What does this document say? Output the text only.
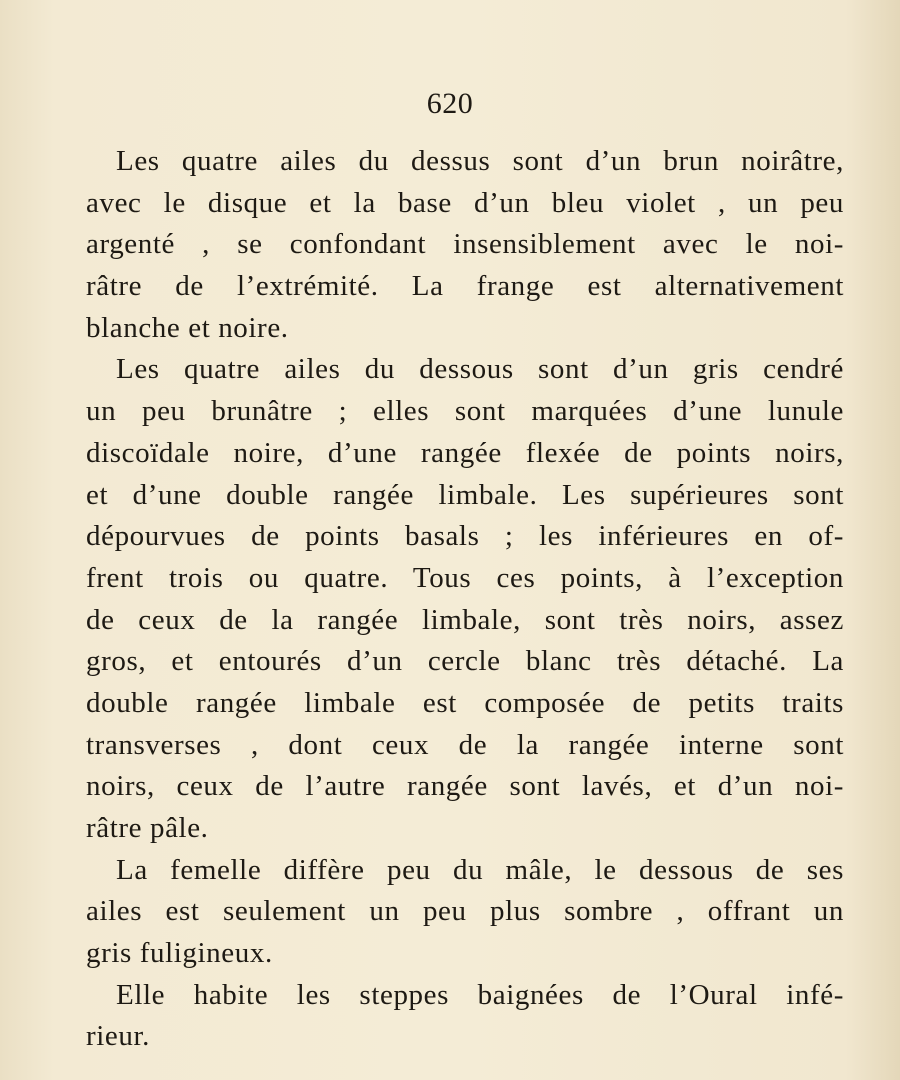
620
Les quatre ailes du dessus sont d’un brun noirâtre,
avec le disque et la base d’un bleu violet , un peu
argenté , se confondant insensiblement avec le noi-
râtre de l’extrémité. La frange est alternativement
blanche et noire.
Les quatre ailes du dessous sont d’un gris cendré
un peu brunâtre ; elles sont marquées d’une lunule
discoïdale noire, d’une rangée flexée de points noirs,
et d’une double rangée limbale. Les supérieures sont
dépourvues de points basals ; les inférieures en of-
frent trois ou quatre. Tous ces points, à l’exception
de ceux de la rangée limbale, sont très noirs, assez
gros, et entourés d’un cercle blanc très détaché. La
double rangée limbale est composée de petits traits
transverses , dont ceux de la rangée interne sont
noirs, ceux de l’autre rangée sont lavés, et d’un noi-
râtre pâle.
La femelle diffère peu du mâle, le dessous de ses
ailes est seulement un peu plus sombre , offrant un
gris fuligineux.
Elle habite les steppes baignées de l’Oural infé-
rieur.
